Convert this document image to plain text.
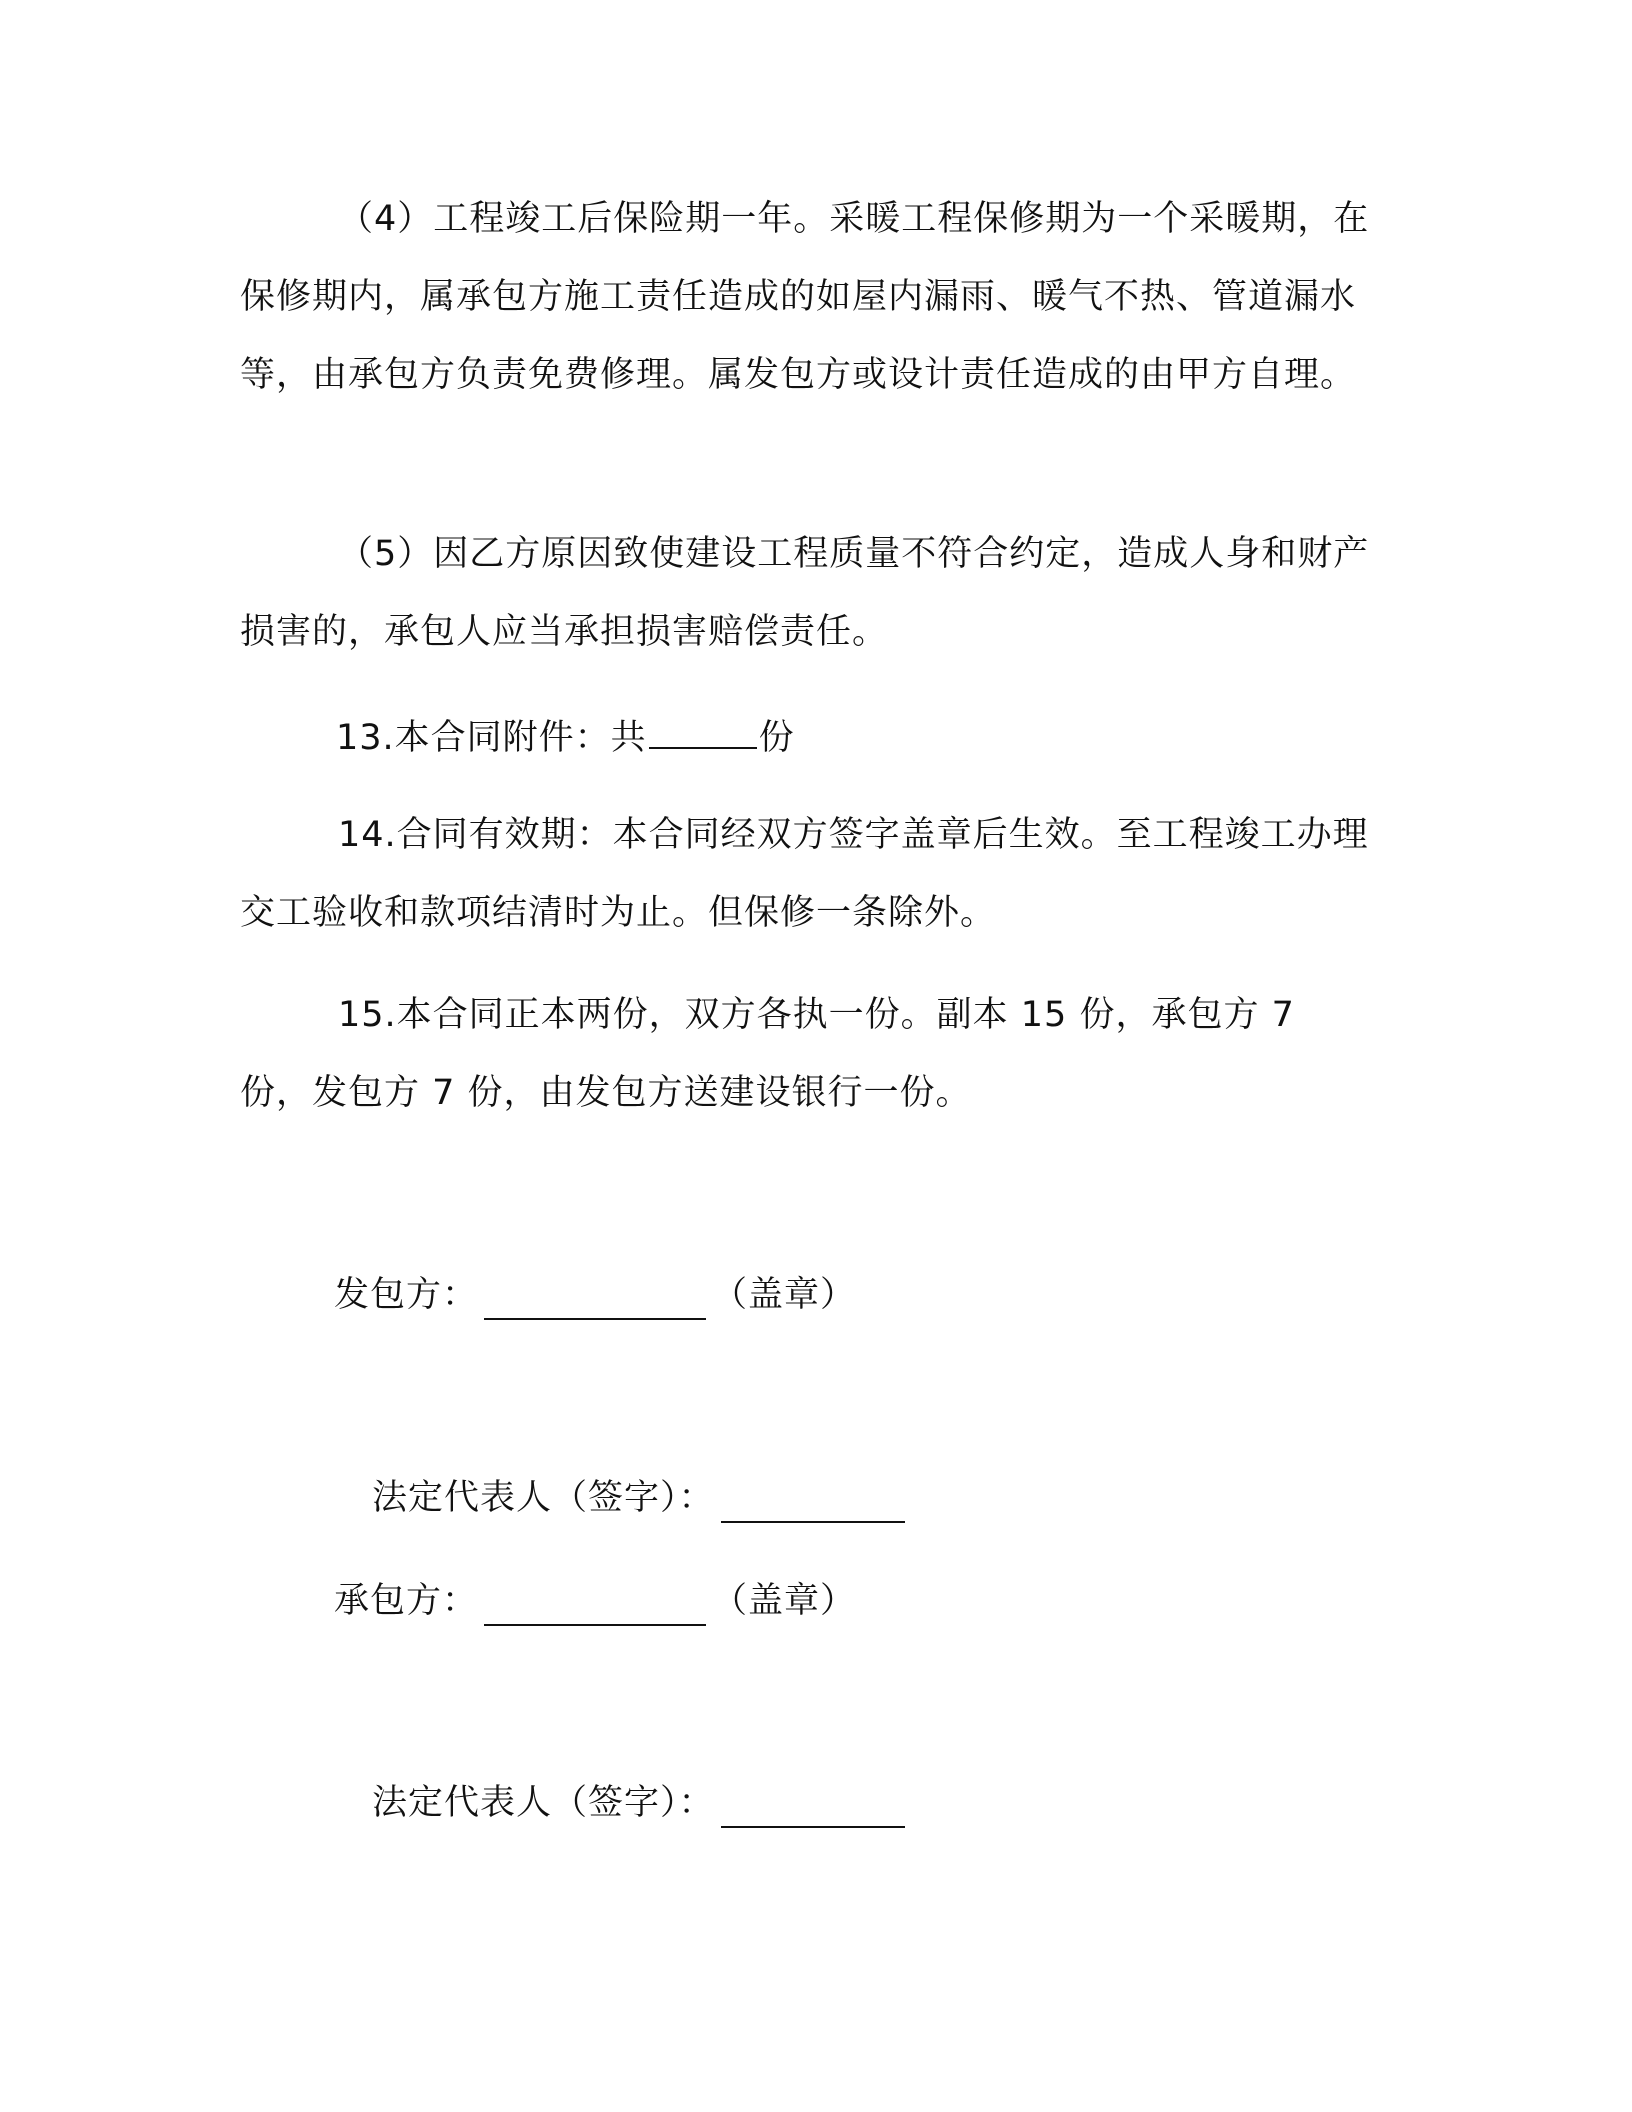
（4）工程竣工后保险期一年。采暖工程保修期为一个采暖期，在保修期内，属承包方施工责任造成的如屋内漏雨、暖气不热、管道漏水等，由承包方负责免费修理。属发包方或设计责任造成的由甲方自理。

（5）因乙方原因致使建设工程质量不符合约定，造成人身和财产损害的，承包人应当承担损害赔偿责任。

13.本合同附件：共	份

14.合同有效期：本合同经双方签字盖章后生效。至工程竣工办理交工验收和款项结清时为止。但保修一条除外。

15.本合同正本两份，双方各执一份。副本 15 份，承包方 7 份，发包方 7 份，由发包方送建设银行一份。

发包方：	（盖章）
法定代表人（签字）：
承包方：	（盖章）
法定代表人（签字）：
